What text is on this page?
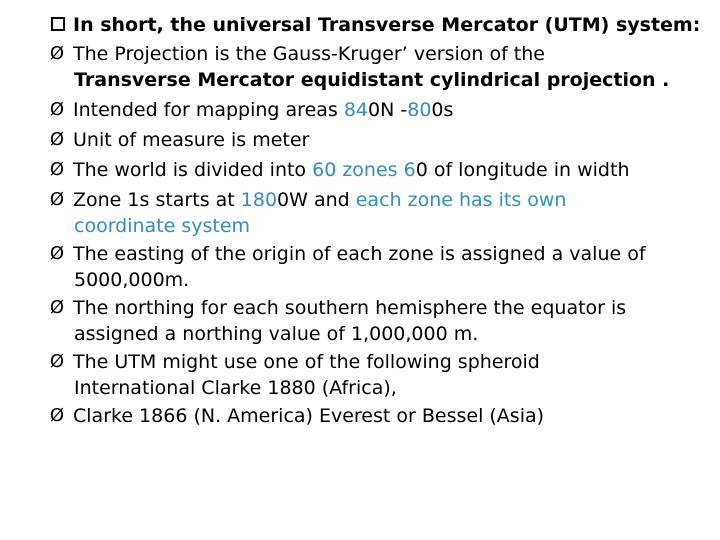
In short, the universal Transverse Mercator (UTM) system:
Ø The Projection is the Gauss-Kruger’ version of the
Transverse Mercator equidistant cylindrical projection .
Ø Intended for mapping areas 840N -800s
Ø Unit of measure is meter
Ø The world is divided into 60 zones 60 of longitude in width
Ø Zone 1s starts at 1800W and each zone has its own
coordinate system
Ø The easting of the origin of each zone is assigned a value of
5000,000m.
Ø The northing for each southern hemisphere the equator is
assigned a northing value of 1,000,000 m.
Ø The UTM might use one of the following spheroid
International Clarke 1880 (Africa),
Ø Clarke 1866 (N. America) Everest or Bessel (Asia)
